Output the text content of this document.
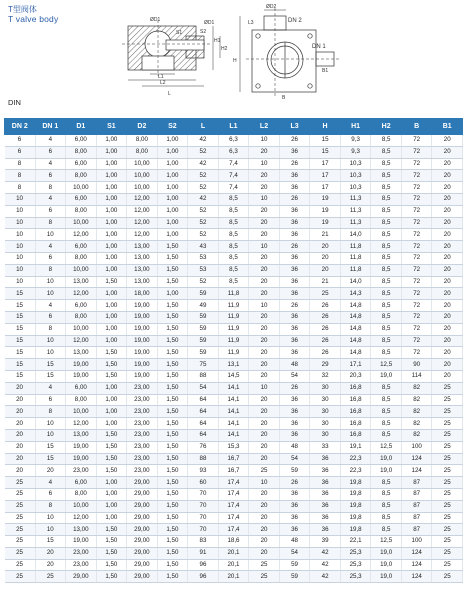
T型阀体
T valve body	ØD1
S1	S2
L
L1
L2
H1
H2
ØD2
DN 2
DN 1
H
L3
B
B1
ØD1
DIN
DN 2	DN 1	D1	S1	D2	S2	L	L1	L2	L3	H	H1	H2	B	B1
6	4	6,00	1,00	8,00	1,00	42	6,3	10	26	15	9,3	8,5	72	20
6	6	8,00	1,00	8,00	1,00	52	6,3	20	36	15	9,3	8,5	72	20
8	4	6,00	1,00	10,00	1,00	42	7,4	10	26	17	10,3	8,5	72	20
8	6	8,00	1,00	10,00	1,00	52	7,4	20	36	17	10,3	8,5	72	20
8	8	10,00	1,00	10,00	1,00	52	7,4	20	36	17	10,3	8,5	72	20
10	4	6,00	1,00	12,00	1,00	42	8,5	10	26	19	11,3	8,5	72	20
10	6	8,00	1,00	12,00	1,00	52	8,5	20	36	19	11,3	8,5	72	20
10	8	10,00	1,00	12,00	1,00	52	8,5	20	36	19	11,3	8,5	72	20
10	10	12,00	1,00	12,00	1,00	52	8,5	20	36	21	14,0	8,5	72	20
10	4	6,00	1,00	13,00	1,50	43	8,5	10	26	20	11,8	8,5	72	20
10	6	8,00	1,00	13,00	1,50	53	8,5	20	36	20	11,8	8,5	72	20
10	8	10,00	1,00	13,00	1,50	53	8,5	20	36	20	11,8	8,5	72	20
10	10	13,00	1,50	13,00	1,50	52	8,5	20	36	21	14,0	8,5	72	20
15	10	12,00	1,00	18,00	1,00	59	11,8	20	36	25	14,3	8,5	72	20
15	4	6,00	1,00	19,00	1,50	49	11,9	10	26	26	14,8	8,5	72	20
15	6	8,00	1,00	19,00	1,50	59	11,9	20	36	26	14,8	8,5	72	20
15	8	10,00	1,00	19,00	1,50	59	11,9	20	36	26	14,8	8,5	72	20
15	10	12,00	1,00	19,00	1,50	59	11,9	20	36	26	14,8	8,5	72	20
15	10	13,00	1,50	19,00	1,50	59	11,9	20	36	26	14,8	8,5	72	20
15	15	19,00	1,50	19,00	1,50	75	13,1	20	48	29	17,1	12,5	90	20
15	15	19,00	1,50	19,00	1,50	88	14,5	20	54	32	20,3	19,0	114	20
20	4	6,00	1,00	23,00	1,50	54	14,1	10	26	30	16,8	8,5	82	25
20	6	8,00	1,00	23,00	1,50	64	14,1	20	36	30	16,8	8,5	82	25
20	8	10,00	1,00	23,00	1,50	64	14,1	20	36	30	16,8	8,5	82	25
20	10	12,00	1,00	23,00	1,50	64	14,1	20	36	30	16,8	8,5	82	25
20	10	13,00	1,50	23,00	1,50	64	14,1	20	36	30	16,8	8,5	82	25
20	15	19,00	1,50	23,00	1,50	76	15,3	20	48	33	19,1	12,5	100	25
20	15	19,00	1,50	23,00	1,50	88	16,7	20	54	36	22,3	19,0	124	25
20	20	23,00	1,50	23,00	1,50	93	16,7	25	59	36	22,3	19,0	124	25
25	4	6,00	1,00	29,00	1,50	60	17,4	10	26	36	19,8	8,5	87	25
25	6	8,00	1,00	29,00	1,50	70	17,4	20	36	36	19,8	8,5	87	25
25	8	10,00	1,00	29,00	1,50	70	17,4	20	36	36	19,8	8,5	87	25
25	10	12,00	1,00	29,00	1,50	70	17,4	20	36	36	19,8	8,5	87	25
25	10	13,00	1,50	29,00	1,50	70	17,4	20	36	36	19,8	8,5	87	25
25	15	19,00	1,50	29,00	1,50	83	18,6	20	48	39	22,1	12,5	100	25
25	20	23,00	1,50	29,00	1,50	91	20,1	20	54	42	25,3	19,0	124	25
25	20	23,00	1,50	29,00	1,50	96	20,1	25	59	42	25,3	19,0	124	25
25	25	29,00	1,50	29,00	1,50	96	20,1	25	59	42	25,3	19,0	124	25
